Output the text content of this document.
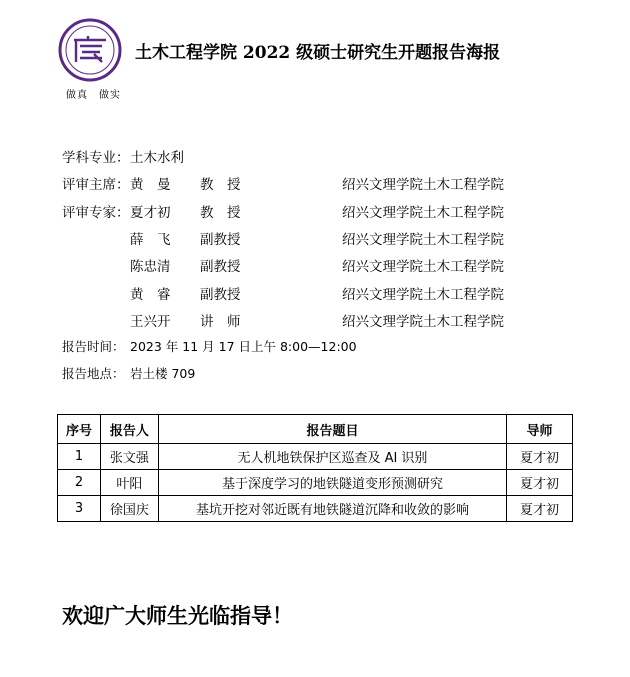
做真　做实
土木工程学院 2022 级硕士研究生开题报告海报
学科专业： 土木水利
评审主席： 黄　曼 教　授	绍兴文理学院土木工程学院
评审专家： 夏才初 教　授	绍兴文理学院土木工程学院
薛　飞 副教授	绍兴文理学院土木工程学院
陈忠清 副教授	绍兴文理学院土木工程学院
黄　睿 副教授	绍兴文理学院土木工程学院
王兴开 讲　师	绍兴文理学院土木工程学院
报告时间： 2023 年 11 月 17 日上午 8:00—12:00
报告地点： 岩土楼 709
序号	报告人	报告题目	导师
1	张文强	无人机地铁保护区巡查及 AI 识别	夏才初
2	叶阳	基于深度学习的地铁隧道变形预测研究	夏才初
3	徐国庆	基坑开挖对邻近既有地铁隧道沉降和收敛的影响	夏才初
欢迎广大师生光临指导！
